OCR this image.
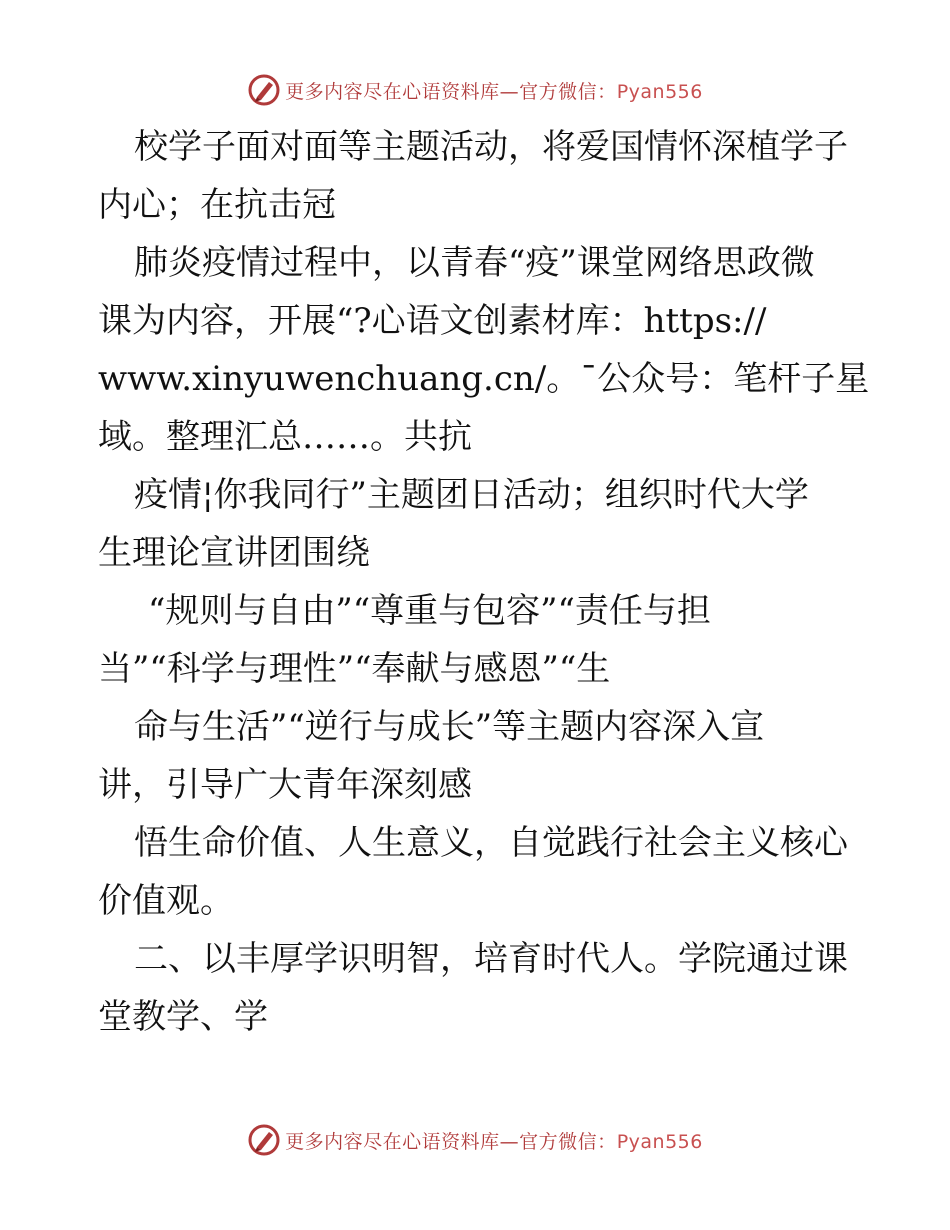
更多内容尽在心语资料库—官方微信：Pyan556
校学子面对面等主题活动，将爱国情怀深植学子
内心；在抗击冠
肺炎疫情过程中，以青春“疫”课堂网络思政微
课为内容，开展“?心语文创素材库：https://
www.xinyuwenchuang.cn/。¯公众号：笔杆子星
域。整理汇总……。共抗
疫情¦你我同行”主题团日活动；组织时代大学
生理论宣讲团围绕
“规则与自由”“尊重与包容”“责任与担
当”“科学与理性”“奉献与感恩”“生
命与生活”“逆行与成长”等主题内容深入宣
讲，引导广大青年深刻感
悟生命价值、人生意义，自觉践行社会主义核心
价值观。
二、以丰厚学识明智，培育时代人。学院通过课
堂教学、学
更多内容尽在心语资料库—官方微信：Pyan556
